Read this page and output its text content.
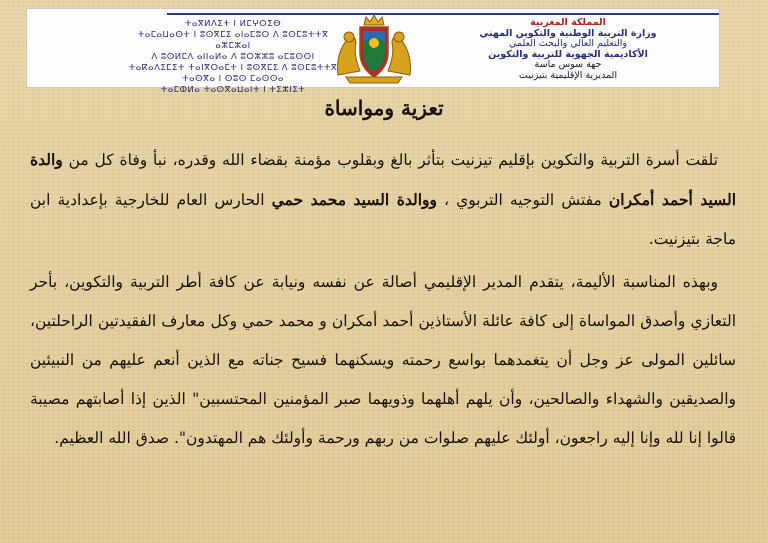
ⵜⴰⴳⵍⴷⵉⵜ ⵏ ⵍⵎⵖⵔⵉⴱ
ⵜⴰⵎⴰⵡⴰⵙⵜ ⵏ ⵓⵙⴳⵎⵉ ⴰⵏⴰⵎⵓⵔ ⴷ ⵓⵙⵎⵓⵜⵜⴳ ⴰⵣⵎⵣⴰⵏ
ⴷ ⵓⵙⵍⵎⴷ ⴰⵏⵏⴰⵍⴰ ⴷ ⵓⵔⵣⵣⵓ ⴰⵎⵓⵙⵙⵏ
ⵜⴰⴽⴰⴷⵉⵎⵉⵜ ⵜⴰⵏⴳⵔⴰⵎⵜ ⵏ ⵓⵙⴳⵎⵉ ⴷ ⵓⵙⵎⵓⵜⵜⴳ
ⵜⴰⵙⴳⴰ ⵏ ⵙⵓⵙ ⵎⴰⵙⵙⴰ
ⵜⴰⵎⵀⵍⴰ ⵜⴰⵙⴳⴰⵡⴰⵏⵜ ⵏ ⵜⵉⵣⵏⵉⵜ
المملكة المغربية
وزارة التربية الوطنية والتكوين المهني
والتعليم العالي والبحث العلمي
الأكاديمية الجهوية للتربية والتكوين
جهة سوس ماسة
المديرية الإقليمية بتيزنيت
تعزية ومواساة

تلقت أسرة التربية والتكوين بإقليم تيزنيت بتأثر بالغ وبقلوب مؤمنة بقضاء الله وقدره، نبأ وفاة كل من والدة السيد أحمد أمكران مفتش التوجيه التربوي ، ووالدة السيد محمد حمي الحارس العام للخارجية بإعدادية ابن ماجة بتيزنيت.

وبهذه المناسبة الأليمة، يتقدم المدير الإقليمي أصالة عن نفسه ونيابة عن كافة أطر التربية والتكوين، بأحر التعازي وأصدق المواساة إلى كافة عائلة الأستاذين أحمد أمكران و محمد حمي وكل معارف الفقيدتين الراحلتين، سائلين المولى عز وجل أن يتغمدهما بواسع رحمته ويسكنهما فسيح جناته مع الذين أنعم عليهم من النبيئين والصديقين والشهداء والصالحين، وأن يلهم أهلهما وذويهما صبر المؤمنين المحتسبين" الذين إذا أصابتهم مصيبة قالوا إنا لله وإنا إليه راجعون، أولئك عليهم صلوات من ربهم ورحمة وأولئك هم المهتدون". صدق الله العظيم.
